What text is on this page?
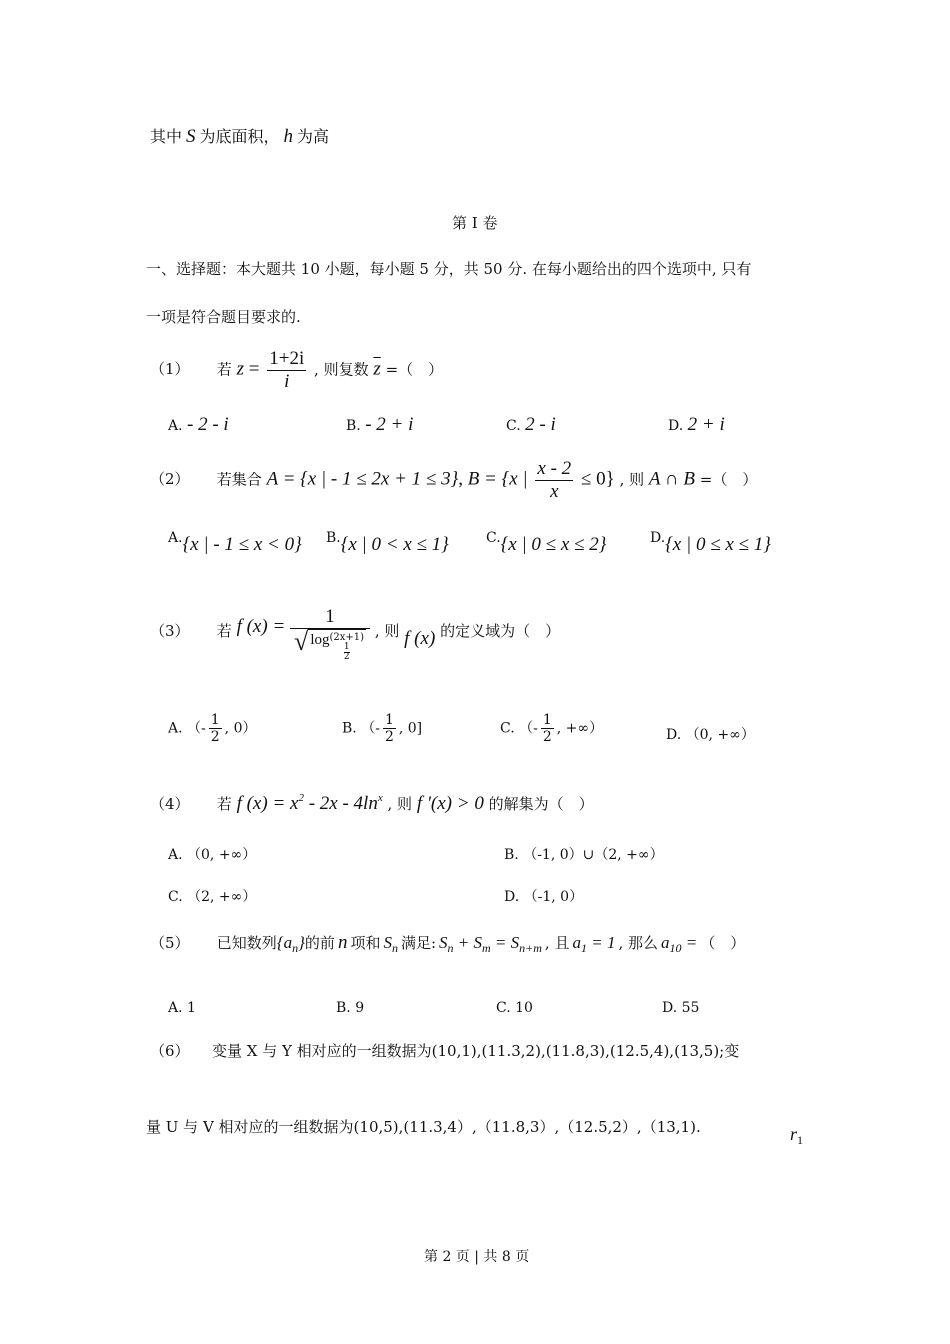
其中 S 为底面积， h 为高
第 I 卷
一、选择题：本大题共 10 小题，每小题 5 分，共 50 分. 在每小题给出的四个选项中, 只有
一项是符合题目要求的.
（1） 若 $z = \frac{1+2i}{i}$ , 则复数 $\overline{z}$ =（　）
A. - 2 - i	B. - 2 + i	C. 2 - i	D. 2 + i
（2） 若集合 A = {x | - 1 ≤ 2x + 1 ≤ 3}, B = {x | $\frac{x - 2}{x} \le 0$} , 则 A ∩ B =（　）
A.{x | - 1 ≤ x < 0} B.{x | 0 < x ≤ 1}	C.{x | 0 ≤ x ≤ 2}	D.{x | 0 ≤ x ≤ 1}
（3） 若 f (x) =	1
√ log (2x+1)
1
2
, 则 f (x) 的定义域为（　）
A. （- $\frac{1}{2}$ , 0）	B. （- $\frac{1}{2}$ , 0]	C. （- $\frac{1}{2}$ , +∞）	D. （0, +∞）
（4） 若 f $(x) = x^2 - 2x - 4\ln^x$ , 则 f '(x) > 0 的解集为（　）
A. （0, +∞）	B. （-1, 0）∪（2, +∞）
C. （2, +∞）	D. （-1, 0）
（5） 已知数列$\{a_n\}$的前 n 项和 $S_n$ 满足: $S_n + S_m = S_{n+m}$ , 且 $a_1 = 1$ , 那么 $a_{10}$ = （　）
A. 1	B. 9	C. 10	D. 55
（6） 变量 X 与 Y 相对应的一组数据为(10,1),(11.3,2),(11.8,3),(12.5,4),(13,5);变
量 U 与 V 相对应的一组数据为(10,5),(11.3,4）,（11.8,3）,（12.5,2）,（13,1).	$r_1$
第 2 页 | 共 8 页
